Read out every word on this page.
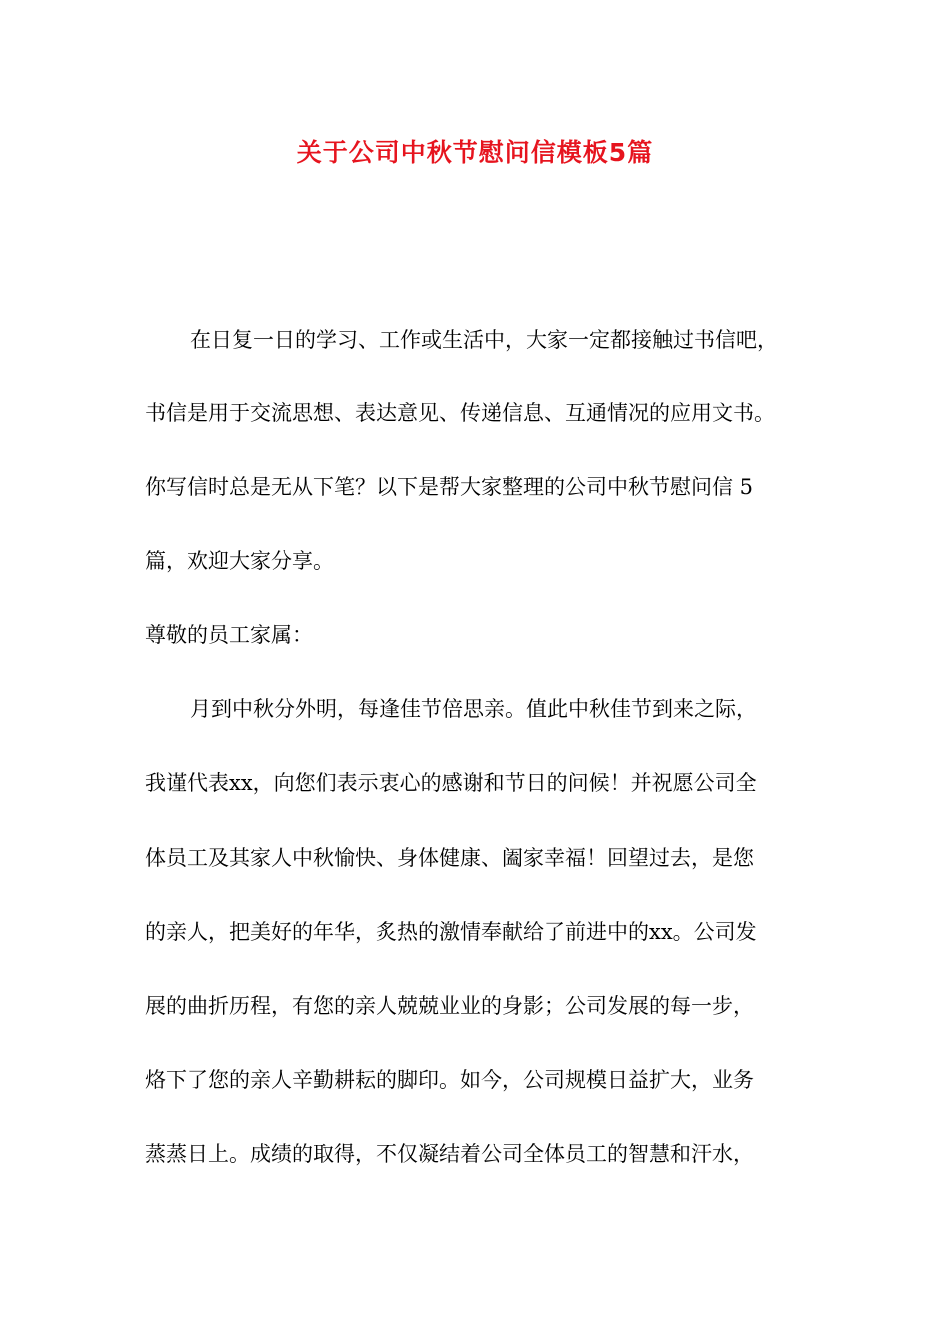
关于公司中秋节慰问信模板5篇

在日复一日的学习、工作或生活中，大家一定都接触过书信吧，

书信是用于交流思想、表达意见、传递信息、互通情况的应用文书。

你写信时总是无从下笔？以下是帮大家整理的公司中秋节慰问信 5

篇，欢迎大家分享。

尊敬的员工家属：

月到中秋分外明，每逢佳节倍思亲。值此中秋佳节到来之际，

我谨代表xx，向您们表示衷心的感谢和节日的问候！并祝愿公司全

体员工及其家人中秋愉快、身体健康、阖家幸福！回望过去，是您

的亲人，把美好的年华，炙热的激情奉献给了前进中的xx。公司发

展的曲折历程，有您的亲人兢兢业业的身影；公司发展的每一步，

烙下了您的亲人辛勤耕耘的脚印。如今，公司规模日益扩大，业务

蒸蒸日上。成绩的取得，不仅凝结着公司全体员工的智慧和汗水，
